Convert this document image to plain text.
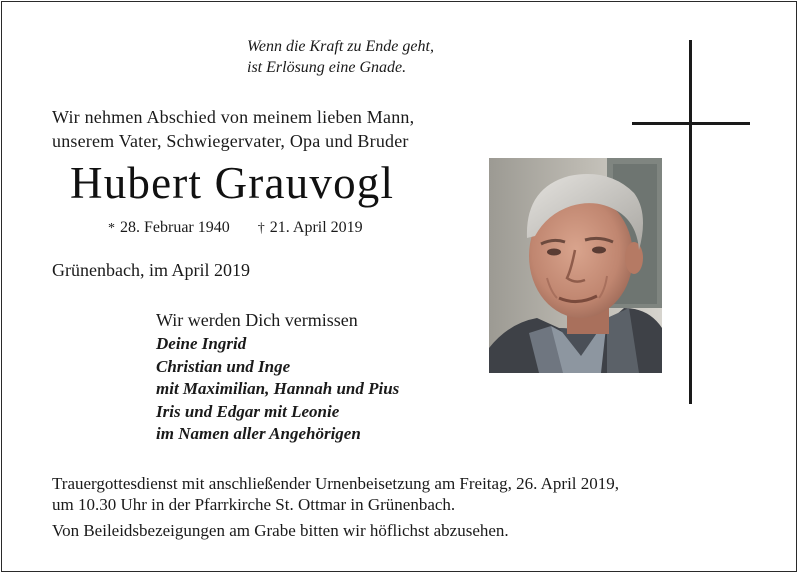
Wenn die Kraft zu Ende geht,
ist Erlösung eine Gnade.
Wir nehmen Abschied von meinem lieben Mann,
unserem Vater, Schwiegervater, Opa und Bruder
Hubert Grauvogl
* 28. Februar 1940 † 21. April 2019
Grünenbach, im April 2019
Wir werden Dich vermissen
Deine Ingrid
Christian und Inge
mit Maximilian, Hannah und Pius
Iris und Edgar mit Leonie
im Namen aller Angehörigen
Trauergottesdienst mit anschließender Urnenbeisetzung am Freitag, 26. April 2019,
um 10.30 Uhr in der Pfarrkirche St. Ottmar in Grünenbach.
Von Beileidsbezeigungen am Grabe bitten wir höflichst abzusehen.
